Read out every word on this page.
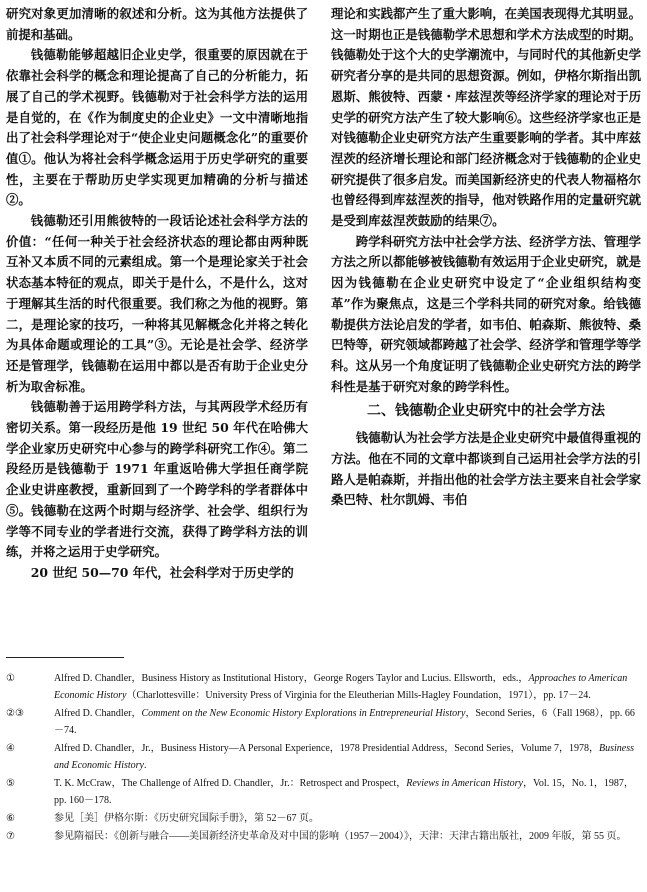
研究对象更加清晰的叙述和分析。这为其他方法提供了前提和基础。

钱德勒能够超越旧企业史学，很重要的原因就在于依靠社会科学的概念和理论提高了自己的分析能力，拓展了自己的学术视野。钱德勒对于社会科学方法的运用是自觉的，在《作为制度史的企业史》一文中清晰地指出了社会科学理论对于“使企业史问题概念化”的重要价值①。他认为将社会科学概念运用于历史学研究的重要性，主要在于帮助历史学实现更加精确的分析与描述②。

钱德勒还引用熊彼特的一段话论述社会科学方法的价值：“任何一种关于社会经济状态的理论都由两种既互补又本质不同的元素组成。第一个是理论家关于社会状态基本特征的观点，即关于是什么，不是什么，这对于理解其生活的时代很重要。我们称之为他的视野。第二，是理论家的技巧，一种将其见解概念化并将之转化为具体命题或理论的工具”③。无论是社会学、经济学还是管理学，钱德勒在运用中都以是否有助于企业史分析为取舍标准。

钱德勒善于运用跨学科方法，与其两段学术经历有密切关系。第一段经历是他 19 世纪 50 年代在哈佛大学企业家历史研究中心参与的跨学科研究工作④。第二段经历是钱德勒于 1971 年重返哈佛大学担任商学院企业史讲座教授，重新回到了一个跨学科的学者群体中⑤。钱德勒在这两个时期与经济学、社会学、组织行为学等不同专业的学者进行交流，获得了跨学科方法的训练，并将之运用于史学研究。

20 世纪 50—70 年代，社会科学对于历史学的

理论和实践都产生了重大影响，在美国表现得尤其明显。这一时期也正是钱德勒学术思想和学术方法成型的时期。钱德勒处于这个大的史学潮流中，与同时代的其他新史学研究者分享的是共同的思想资源。例如，伊格尔斯指出凯恩斯、熊彼特、西蒙・库兹涅茨等经济学家的理论对于历史学的研究方法产生了较大影响⑥。这些经济学家也正是对钱德勒企业史研究方法产生重要影响的学者。其中库兹涅茨的经济增长理论和部门经济概念对于钱德勒的企业史研究提供了很多启发。而美国新经济史的代表人物福格尔也曾经得到库兹涅茨的指导，他对铁路作用的定量研究就是受到库兹涅茨鼓励的结果⑦。

跨学科研究方法中社会学方法、经济学方法、管理学方法之所以都能够被钱德勒有效运用于企业史研究，就是因为钱德勒在企业史研究中设定了“企业组织结构变革”作为聚焦点，这是三个学科共同的研究对象。给钱德勒提供方法论启发的学者，如韦伯、帕森斯、熊彼特、桑巴特等，研究领域都跨越了社会学、经济学和管理学等学科。这从另一个角度证明了钱德勒企业史研究方法的跨学科性是基于研究对象的跨学科性。

二、钱德勒企业史研究中的社会学方法

钱德勒认为社会学方法是企业史研究中最值得重视的方法。他在不同的文章中都谈到自己运用社会学方法的引路人是帕森斯，并指出他的社会学方法主要来自社会学家桑巴特、杜尔凯姆、韦伯

①	Alfred D. Chandler，Business History as Institutional History，George Rogers Taylor and Lucius. Ellsworth，eds.，Approaches to American Economic History（Charlottesville：University Press of Virginia for the Eleutherian Mills-Hagley Foundation，1971），pp. 17－24.
②③	Alfred D. Chandler，Comment on the New Economic History Explorations in Entrepreneurial History，Second Series，6（Fall 1968），pp. 66－74.
④	Alfred D. Chandler，Jr.，Business History—A Personal Experience，1978 Presidential Address，Second Series，Volume 7，1978，Business and Economic History.
⑤	T. K. McCraw，The Challenge of Alfred D. Chandler，Jr.：Retrospect and Prospect，Reviews in American History，Vol. 15，No. 1，1987，pp. 160－178.
⑥	参见［美］伊格尔斯：《历史研究国际手册》，第 52－67 页。
⑦	参见隋福民：《创新与融合——美国新经济史革命及对中国的影响（1957－2004）》，天津：天津古籍出版社，2009 年版，第 55 页。
